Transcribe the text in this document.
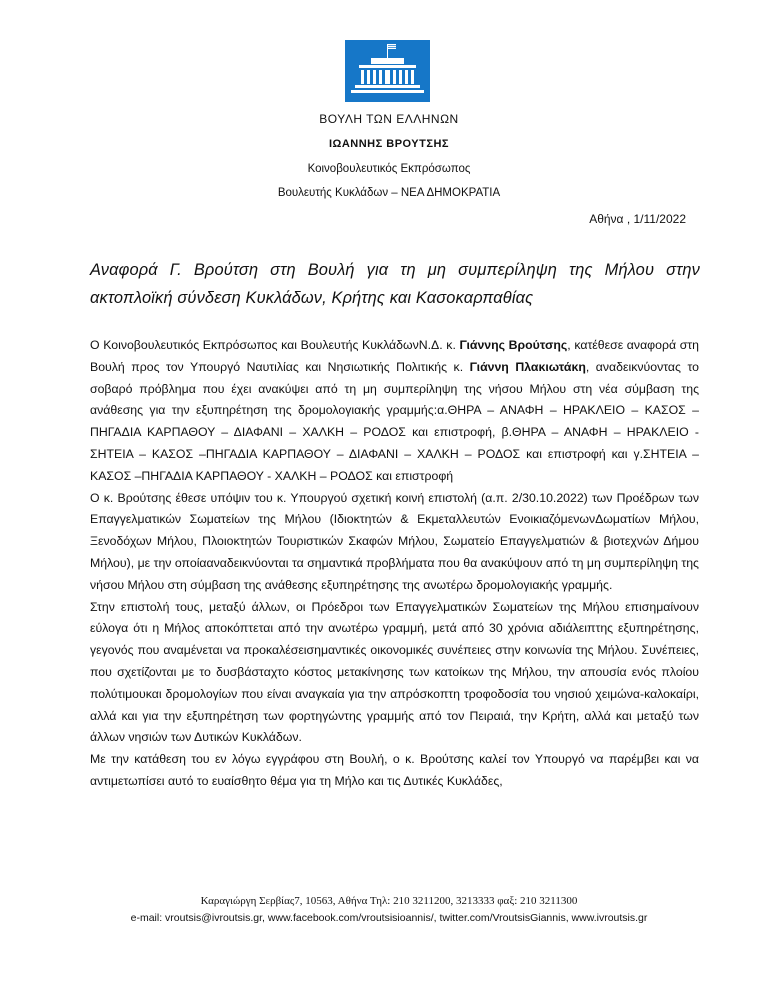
ΒΟΥΛΗ ΤΩΝ ΕΛΛΗΝΩΝ
ΙΩΑΝΝΗΣ ΒΡΟΥΤΣΗΣ
Κοινοβουλευτικός Εκπρόσωπος
Βουλευτής Κυκλάδων – ΝΕΑ ΔΗΜΟΚΡΑΤΙΑ
Αθήνα , 1/11/2022
Αναφορά Γ. Βρούτση στη Βουλή για τη μη συμπερίληψη της Μήλου στην ακτοπλοϊκή σύνδεση Κυκλάδων, Κρήτης και Κασοκαρπαθίας

Ο Κοινοβουλευτικός Εκπρόσωπος και Βουλευτής ΚυκλάδωνΝ.Δ. κ. Γιάννης Βρούτσης, κατέθεσε αναφορά στη Βουλή προς τον Υπουργό Ναυτιλίας και Νησιωτικής Πολιτικής κ. Γιάννη Πλακιωτάκη, αναδεικνύοντας το σοβαρό πρόβλημα που έχει ανακύψει από τη μη συμπερίληψη της νήσου Μήλου στη νέα σύμβαση της ανάθεσης για την εξυπηρέτηση της δρομολογιακής γραμμής:α.ΘΗΡΑ – ΑΝΑΦΗ – ΗΡΑΚΛΕΙΟ – ΚΑΣΟΣ – ΠΗΓΑΔΙΑ ΚΑΡΠΑΘΟΥ – ΔΙΑΦΑΝΙ – ΧΑΛΚΗ – ΡΟΔΟΣ και επιστροφή, β.ΘΗΡΑ – ΑΝΑΦΗ – ΗΡΑΚΛΕΙΟ - ΣΗΤΕΙΑ – ΚΑΣΟΣ –ΠΗΓΑΔΙΑ ΚΑΡΠΑΘΟΥ – ΔΙΑΦΑΝΙ – ΧΑΛΚΗ – ΡΟΔΟΣ και επιστροφή και γ.ΣΗΤΕΙΑ – ΚΑΣΟΣ –ΠΗΓΑΔΙΑ ΚΑΡΠΑΘΟΥ - ΧΑΛΚΗ – ΡΟΔΟΣ και επιστροφή

Ο κ. Βρούτσης έθεσε υπόψιν του κ. Υπουργού σχετική κοινή επιστολή (α.π. 2/30.10.2022) των Προέδρων των Επαγγελματικών Σωματείων της Μήλου (Ιδιοκτητών & Εκμεταλλευτών ΕνοικιαζόμενωνΔωματίων Μήλου, Ξενοδόχων Μήλου, Πλοιοκτητών Τουριστικών Σκαφών Μήλου, Σωματείο Επαγγελματιών & βιοτεχνών Δήμου Μήλου), με την οποίααναδεικνύονται τα σημαντικά προβλήματα που θα ανακύψουν από τη μη συμπερίληψη της νήσου Μήλου στη σύμβαση της ανάθεσης εξυπηρέτησης της ανωτέρω δρομολογιακής γραμμής.

Στην επιστολή τους, μεταξύ άλλων, οι Πρόεδροι των Επαγγελματικών Σωματείων της Μήλου επισημαίνουν εύλογα ότι η Μήλος αποκόπτεται από την ανωτέρω γραμμή, μετά από 30 χρόνια αδιάλειπτης εξυπηρέτησης, γεγονός που αναμένεται να προκαλέσεισημαντικές οικονομικές συνέπειες στην κοινωνία της Μήλου. Συνέπειες, που σχετίζονται με το δυσβάσταχτο κόστος μετακίνησης των κατοίκων της Μήλου, την απουσία ενός πλοίου πολύτιμουκαι δρομολογίων που είναι αναγκαία για την απρόσκοπτη τροφοδοσία του νησιού χειμώνα-καλοκαίρι, αλλά και για την εξυπηρέτηση των φορτηγώντης γραμμής από τον Πειραιά, την Κρήτη, αλλά και μεταξύ των άλλων νησιών των Δυτικών Κυκλάδων.

Με την κατάθεση του εν λόγω εγγράφου στη Βουλή, ο κ. Βρούτσης καλεί τον Υπουργό να παρέμβει και να αντιμετωπίσει αυτό το ευαίσθητο θέμα για τη Μήλο και τις Δυτικές Κυκλάδες,

Καραγιώργη Σερβίας7, 10563, Αθήνα Τηλ: 210 3211200, 3213333 φαξ: 210 3211300
e-mail: vroutsis@ivroutsis.gr, www.facebook.com/vroutsisioannis/, twitter.com/VroutsisGiannis, www.ivroutsis.gr
